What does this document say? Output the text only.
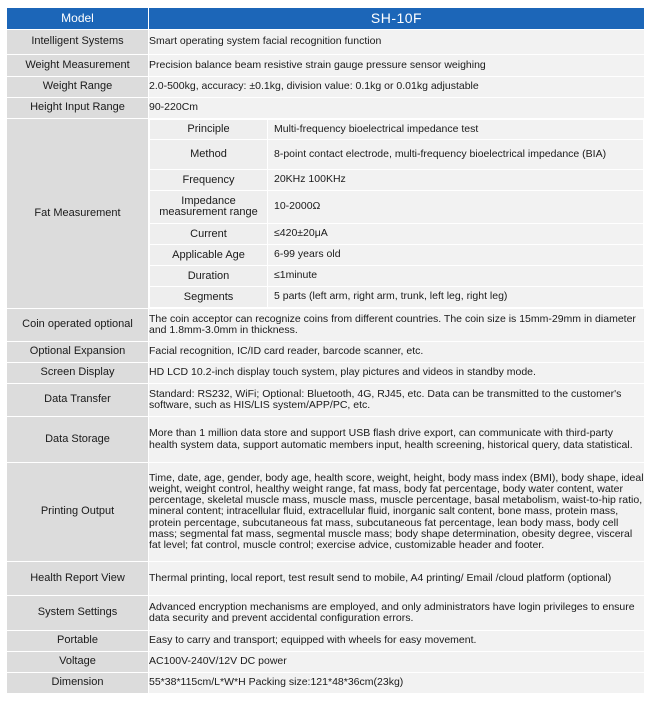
Model	SH-10F
Intelligent Systems	Smart operating system facial recognition function
Weight Measurement	Precision balance beam resistive strain gauge pressure sensor weighing
Weight Range	2.0-500kg, accuracy: ±0.1kg, division value: 0.1kg or 0.01kg adjustable
Height Input Range	90-220Cm
Fat Measurement	
Principle	Multi-frequency bioelectrical impedance test
Method	8-point contact electrode, multi-frequency bioelectrical impedance (BIA)
Frequency	20KHz 100KHz
Impedance measurement range	10-2000Ω
Current	≤420±20μA
Applicable Age	6-99 years old
Duration	≤1minute
Segments	5 parts (left arm, right arm, trunk, left leg, right leg)

Coin operated optional	The coin acceptor can recognize coins from different countries. The coin size is 15mm-29mm in diameter and 1.8mm-3.0mm in thickness.
Optional Expansion	Facial recognition, IC/ID card reader, barcode scanner, etc.
Screen Display	HD LCD 10.2-inch display touch system, play pictures and videos in standby mode.
Data Transfer	Standard: RS232, WiFi; Optional: Bluetooth, 4G, RJ45, etc. Data can be transmitted to the customer's software, such as HIS/LIS system/APP/PC, etc.
Data Storage	More than 1 million data store and support USB flash drive export, can communicate with third-party health system data, support automatic members input, health screening, historical query, data statistical.
Printing Output	Time, date, age, gender, body age, health score, weight, height, body mass index (BMI), body shape, ideal weight, weight control, healthy weight range, fat mass, body fat percentage, body water content, water percentage, skeletal muscle mass, muscle mass, muscle percentage, basal metabolism, waist-to-hip ratio, mineral content; intracellular fluid, extracellular fluid, inorganic salt content, bone mass, protein mass, protein percentage, subcutaneous fat mass, subcutaneous fat percentage, lean body mass, body cell mass; segmental fat mass, segmental muscle mass; body shape determination, obesity degree, visceral fat level; fat control, muscle control; exercise advice, customizable header and footer.
Health Report View	Thermal printing, local report, test result send to mobile, A4 printing/ Email /cloud platform (optional)
System Settings	Advanced encryption mechanisms are employed, and only administrators have login privileges to ensure data security and prevent accidental configuration errors.
Portable	Easy to carry and transport; equipped with wheels for easy movement.
Voltage	AC100V-240V/12V DC power
Dimension	55*38*115cm/L*W*H Packing size:121*48*36cm(23kg)
